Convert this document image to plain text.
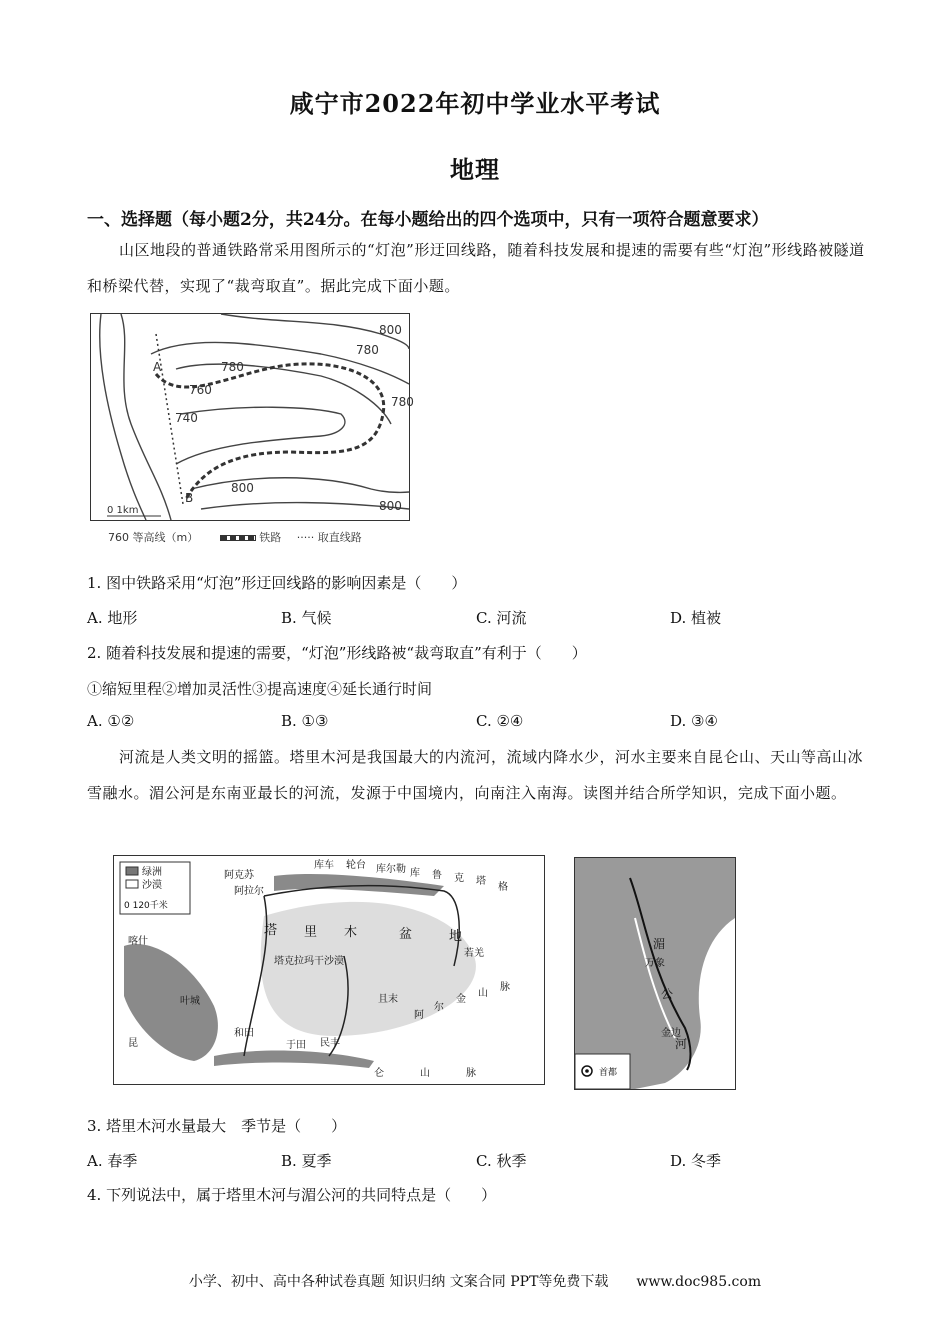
咸宁市2022年初中学业水平考试
地理
一、选择题（每小题2分，共24分。在每小题给出的四个选项中，只有一项符合题意要求）
山区地段的普通铁路常采用图所示的“灯泡”形迂回线路，随着科技发展和提速的需要有些“灯泡”形线路被隧道和桥梁代替，实现了“裁弯取直”。据此完成下面小题。
800
780
780
760
740
780
800
800
A
B
0 1km
760 等高线（m）	铁路 ····· 取直线路
1. 图中铁路采用“灯泡”形迂回线路的影响因素是（　　）
A. 地形	B. 气候	C. 河流	D. 植被
2. 随着科技发展和提速的需要，“灯泡”形线路被“裁弯取直”有利于（　　）
①缩短里程②增加灵活性③提高速度④延长通行时间
A. ①②	B. ①③	C. ②④	D. ③④
河流是人类文明的摇篮。塔里木河是我国最大的内流河，流域内降水少，河水主要来自昆仑山、天山等高山冰雪融水。湄公河是东南亚最长的河流，发源于中国境内，向南注入南海。读图并结合所学知识，完成下面小题。
绿洲
沙漠
0 120千米
阿克苏
阿拉尔
库车 轮台 库尔勒
塔 里 木	盆	地
塔克拉玛干沙漠
喀什
叶城
和田
于田 民丰
且末
若羌
阿
尔
金
山
脉
昆
仑	山	脉
库 鲁 克 塔
格
湄
公
河
万象
金边
首都
3. 塔里木河水量最大　季节是（　　）
A. 春季	B. 夏季	C. 秋季	D. 冬季
4. 下列说法中，属于塔里木河与湄公河的共同特点是（　　）
小学、初中、高中各种试卷真题 知识归纳 文案合同 PPT等免费下载　　www.doc985.com
